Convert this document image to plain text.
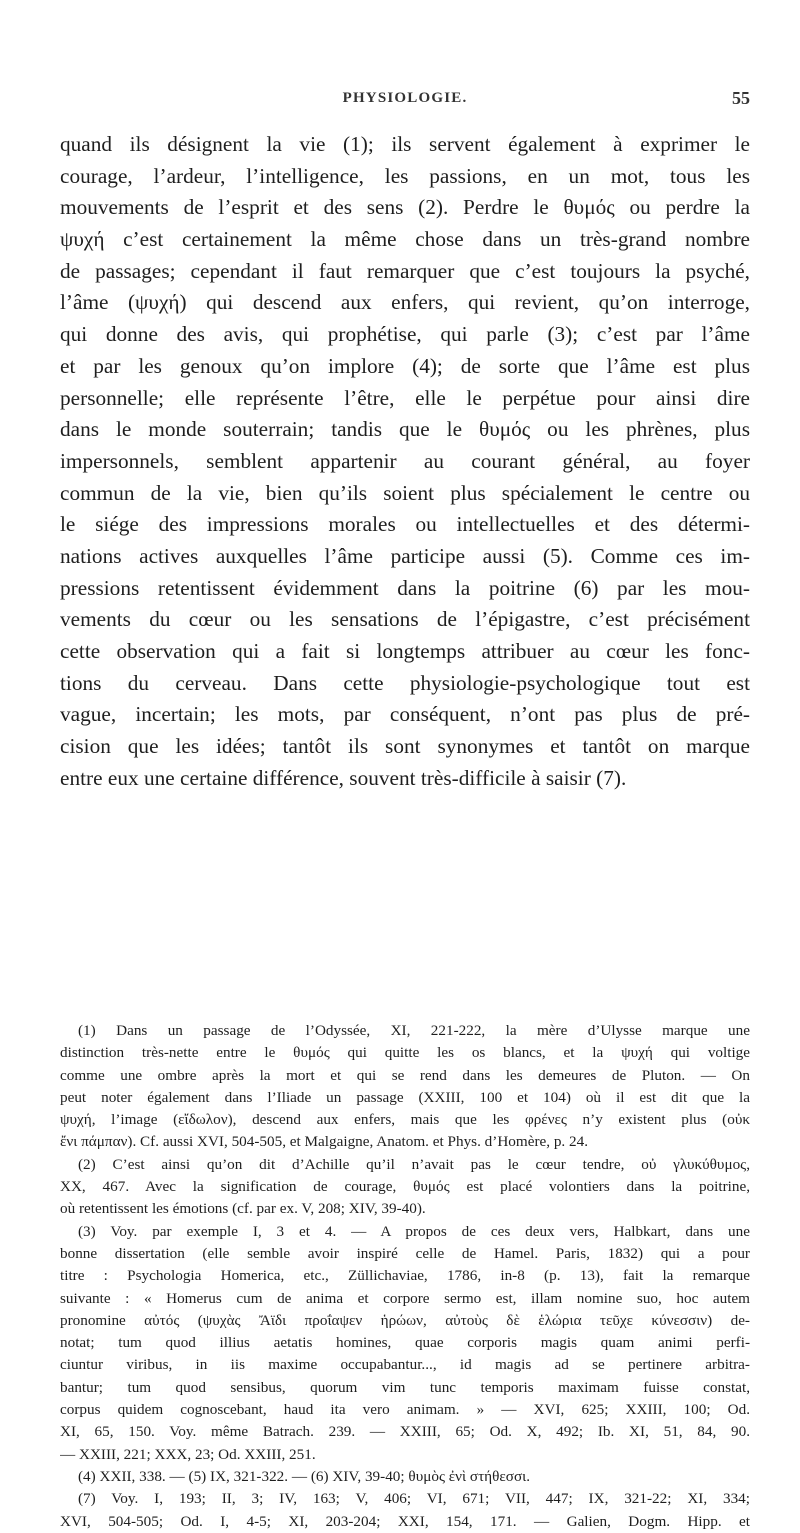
PHYSIOLOGIE.	55
quand ils désignent la vie (1); ils servent également à exprimer le
courage, l’ardeur, l’intelligence, les passions, en un mot, tous les
mouvements de l’esprit et des sens (2). Perdre le θυμός ou perdre la
ψυχή c’est certainement la même chose dans un très-grand nombre
de passages; cependant il faut remarquer que c’est toujours la psyché,
l’âme (ψυχή) qui descend aux enfers, qui revient, qu’on interroge,
qui donne des avis, qui prophétise, qui parle (3); c’est par l’âme
et par les genoux qu’on implore (4); de sorte que l’âme est plus
personnelle; elle représente l’être, elle le perpétue pour ainsi dire
dans le monde souterrain; tandis que le θυμός ou les phrènes, plus
impersonnels, semblent appartenir au courant général, au foyer
commun de la vie, bien qu’ils soient plus spécialement le centre ou
le siége des impressions morales ou intellectuelles et des détermi-
nations actives auxquelles l’âme participe aussi (5). Comme ces im-
pressions retentissent évidemment dans la poitrine (6) par les mou-
vements du cœur ou les sensations de l’épigastre, c’est précisément
cette observation qui a fait si longtemps attribuer au cœur les fonc-
tions du cerveau. Dans cette physiologie-psychologique tout est
vague, incertain; les mots, par conséquent, n’ont pas plus de pré-
cision que les idées; tantôt ils sont synonymes et tantôt on marque
entre eux une certaine différence, souvent très-difficile à saisir (7).
(1) Dans un passage de l’Odyssée, XI, 221-222, la mère d’Ulysse marque une
distinction très-nette entre le θυμός qui quitte les os blancs, et la ψυχή qui voltige
comme une ombre après la mort et qui se rend dans les demeures de Pluton. — On
peut noter également dans l’Iliade un passage (XXIII, 100 et 104) où il est dit que la
ψυχή, l’image (εἴδωλον), descend aux enfers, mais que les φρένες n’y existent plus (οὐκ
ἔνι πάμπαν). Cf. aussi XVI, 504-505, et Malgaigne, Anatom. et Phys. d’Homère, p. 24.
(2) C’est ainsi qu’on dit d’Achille qu’il n’avait pas le cœur tendre, οὐ γλυκύθυμος,
XX, 467. Avec la signification de courage, θυμός est placé volontiers dans la poitrine,
où retentissent les émotions (cf. par ex. V, 208; XIV, 39-40).
(3) Voy. par exemple I, 3 et 4. — A propos de ces deux vers, Halbkart, dans une
bonne dissertation (elle semble avoir inspiré celle de Hamel. Paris, 1832) qui a pour
titre : Psychologia Homerica, etc., Züllichaviae, 1786, in-8 (p. 13), fait la remarque
suivante : « Homerus cum de anima et corpore sermo est, illam nomine suo, hoc autem
pronomine αὐτός (ψυχὰς Ἄϊδι προΐαψεν ἡρώων, αὐτοὺς δὲ ἑλώρια τεῦχε κύνεσσιν) de-
notat; tum quod illius aetatis homines, quae corporis magis quam animi perfi-
ciuntur viribus, in iis maxime occupabantur..., id magis ad se pertinere arbitra-
bantur; tum quod sensibus, quorum vim tunc temporis maximam fuisse constat,
corpus quidem cognoscebant, haud ita vero animam. » — XVI, 625; XXIII, 100; Od.
XI, 65, 150. Voy. même Batrach. 239. — XXIII, 65; Od. X, 492; Ib. XI, 51, 84, 90.
— XXIII, 221; XXX, 23; Od. XXIII, 251.
(4) XXII, 338. — (5) IX, 321-322. — (6) XIV, 39-40; θυμὸς ἐνὶ στήθεσσι.
(7) Voy. I, 193; II, 3; IV, 163; V, 406; VI, 671; VII, 447; IX, 321-22; XI, 334;
XVI, 504-505; Od. I, 4-5; XI, 203-204; XXI, 154, 171. — Galien, Dogm. Hipp. et
